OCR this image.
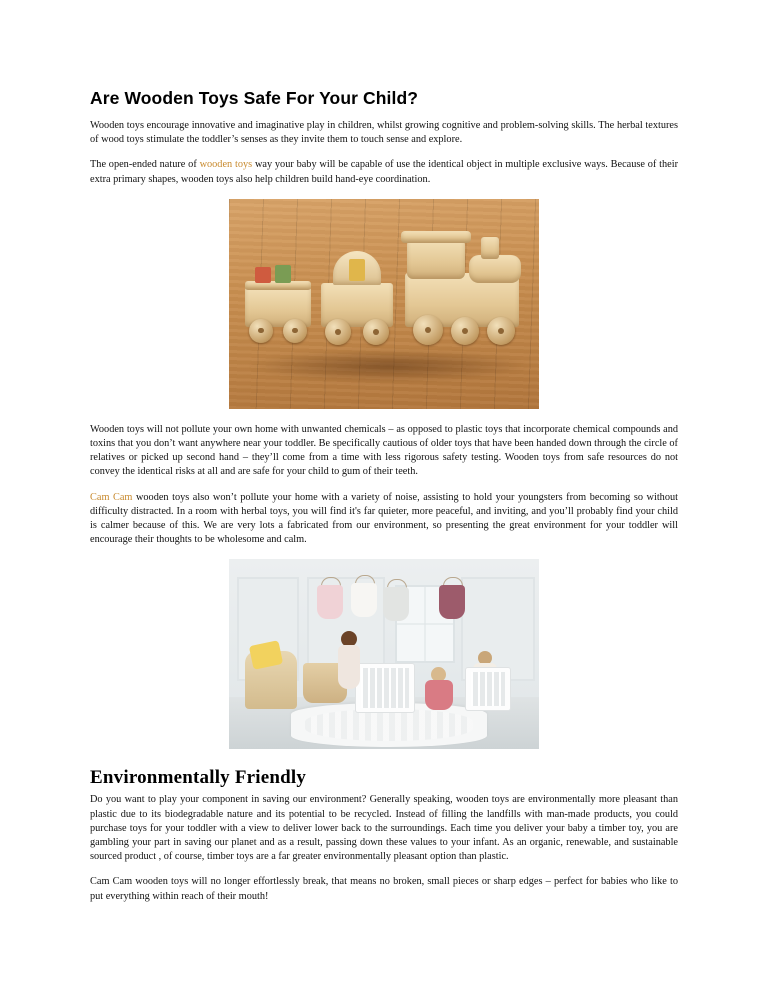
Are Wooden Toys Safe For Your Child?

Wooden toys encourage innovative and imaginative play in children, whilst growing cognitive and problem-solving skills. The herbal textures of wood toys stimulate the toddler’s senses as they invite them to touch sense and explore.

The open-ended nature of wooden toys way your baby will be capable of use the identical object in multiple exclusive ways. Because of their extra primary shapes, wooden toys also help children build hand-eye coordination.

Wooden toys will not pollute your own home with unwanted chemicals – as opposed to plastic toys that incorporate chemical compounds and toxins that you don’t want anywhere near your toddler. Be specifically cautious of older toys that have been handed down through the circle of relatives or picked up second hand – they’ll come from a time with less rigorous safety testing. Wooden toys from safe resources do not convey the identical risks at all and are safe for your child to gum of their teeth.

Cam Cam wooden toys also won’t pollute your home with a variety of noise, assisting to hold your youngsters from becoming so without difficulty distracted. In a room with herbal toys, you will find it's far quieter, more peaceful, and inviting, and you’ll probably find your child is calmer because of this. We are very lots a fabricated from our environment, so presenting the great environment for your toddler will encourage their thoughts to be wholesome and calm.

Environmentally Friendly

Do you want to play your component in saving our environment? Generally speaking, wooden toys are environmentally more pleasant than plastic due to its biodegradable nature and its potential to be recycled. Instead of filling the landfills with man-made products, you could purchase toys for your toddler with a view to deliver lower back to the surroundings. Each time you deliver your baby a timber toy, you are gambling your part in saving our planet and as a result, passing down these values to your infant. As an organic, renewable, and sustainable sourced product , of course, timber toys are a far greater environmentally pleasant option than plastic.

Cam Cam wooden toys will no longer effortlessly break, that means no broken, small pieces or sharp edges – perfect for babies who like to put everything within reach of their mouth!
